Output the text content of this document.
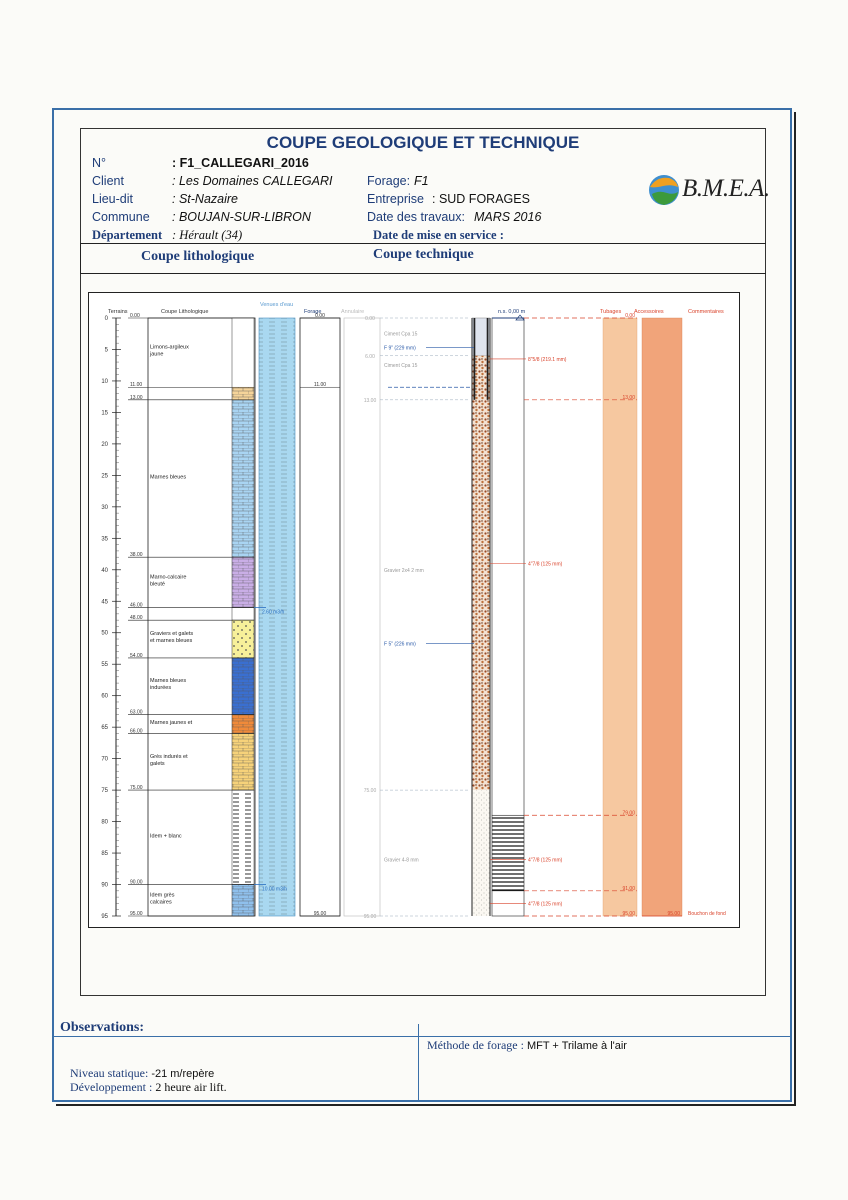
COUPE GEOLOGIQUE ET TECHNIQUE
N°	: F1_CALLEGARI_2016
Client	: Les Domaines CALLEGARI
Lieu-dit	: St-Nazaire
Commune : BOUJAN-SUR-LIBRON
Département : Hérault (34)
Forage: F1
Entreprise : SUD FORAGES
Date des travaux: MARS 2016
Date de mise en service :
B.M.E.A.
Coupe lithologique	Coupe technique
Terrains	Coupe Lithologique
Venues d'eau
Forage	Annulaire	n.s. 0,00 m	Tubages Accessoires	Commentaires
0
5
10
15
20
25
30
35
40
45
50
55
60
65
70
75
80
85
90
95
0.00
Limons-argileux jaune
11.00
13.00
Marnes bleues
38.00
Marno-calcaire bleuté
46.00
48.00
Graviers et galets et marnes bleues
54.00
Marnes bleues indurées
63.00
Marnes jaunes et
66.00
Grès indurés et galets
75.00
Idem + blanc
90.00
Idem grès calcaires
95.00
2.60 m3/h
10.00 m3/h
0.00
11.00
95.00
0.00
6.00
13.00
75.00
95.00
Ciment Cpa 15
Ciment Cpa 15
Gravier 2x4 2 mm
Gravier 4-8 mm
F 9" (229 mm)
F 5" (226 mm)
8"5/8 (219.1 mm)
4"7/8 (125 mm)
4"7/8 (125 mm)
4"7/8 (125 mm)
0.00
13.00
79.00
91.00
95.00	95.00 Bouchon de fond
Observations:
Méthode de forage : MFT + Trilame à l'air
Niveau statique: -21 m/repère
Développement : 2 heure air lift.
